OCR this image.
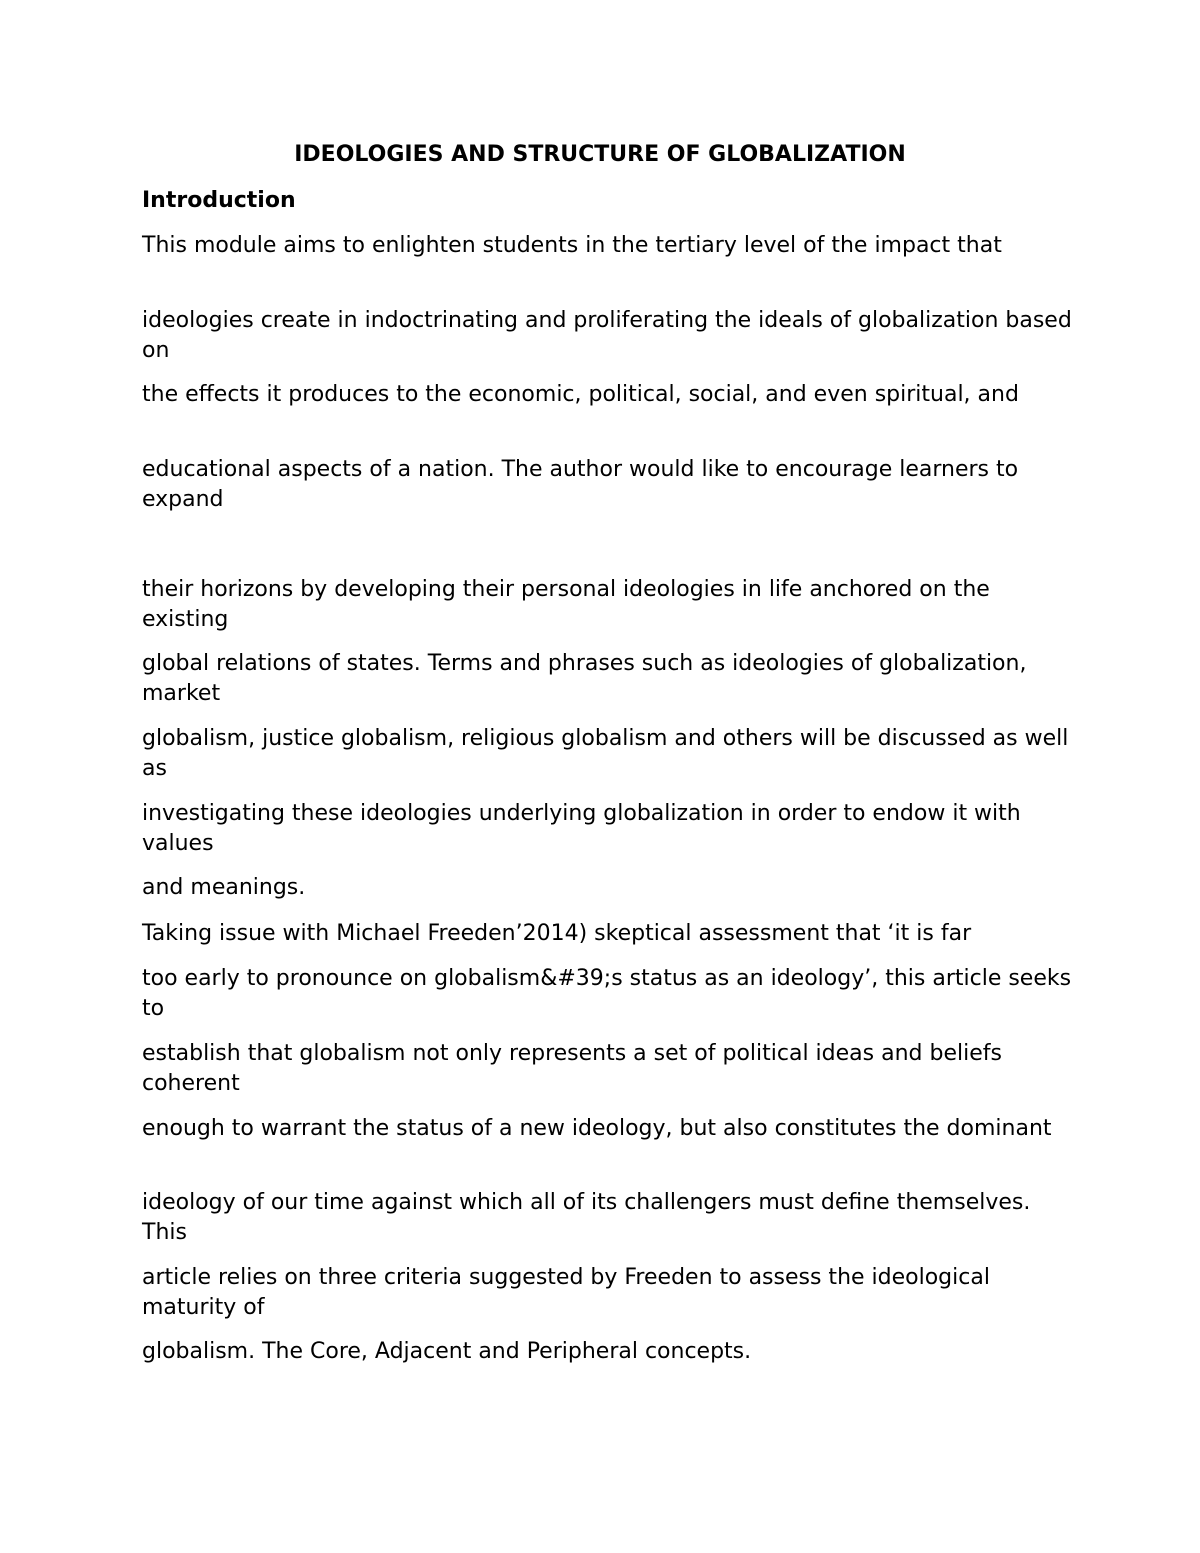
IDEOLOGIES AND STRUCTURE OF GLOBALIZATION
Introduction

This module aims to enlighten students in the tertiary level of the impact that

ideologies create in indoctrinating and proliferating the ideals of globalization based on

the effects it produces to the economic, political, social, and even spiritual, and

educational aspects of a nation. The author would like to encourage learners to expand

their horizons by developing their personal ideologies in life anchored on the existing

global relations of states. Terms and phrases such as ideologies of globalization, market

globalism, justice globalism, religious globalism and others will be discussed as well as

investigating these ideologies underlying globalization in order to endow it with values

and meanings.

Taking issue with Michael Freeden’2014) skeptical assessment that ‘it is far

too early to pronounce on globalism&#39;s status as an ideology’, this article seeks to

establish that globalism not only represents a set of political ideas and beliefs coherent

enough to warrant the status of a new ideology, but also constitutes the dominant

ideology of our time against which all of its challengers must define themselves. This

article relies on three criteria suggested by Freeden to assess the ideological maturity of

globalism. The Core, Adjacent and Peripheral concepts.
